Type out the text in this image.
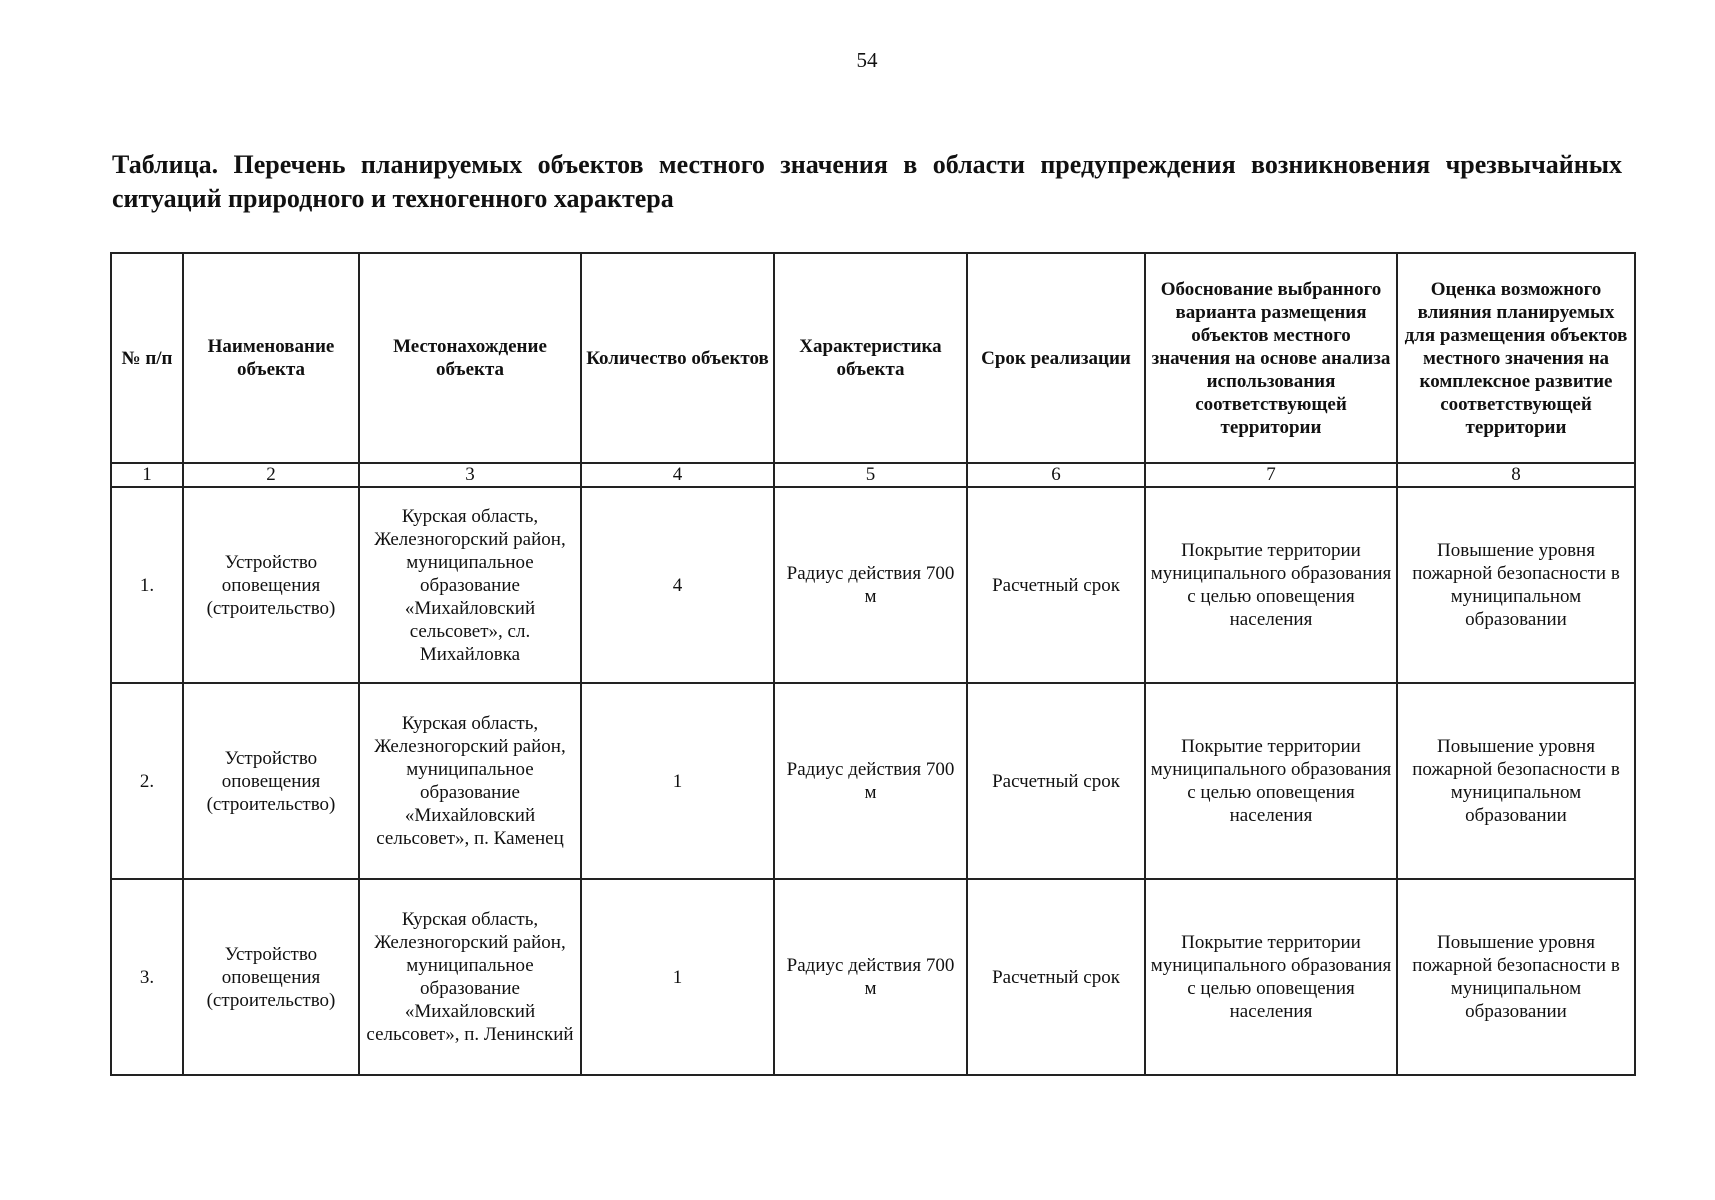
54
Таблица. Перечень планируемых объектов местного значения в области предупреждения возникновения чрезвычайных ситуаций природного и техногенного характера
№ п/п	Наименование объекта	Местонахождение объекта	Количество объектов	Характеристика объекта	Срок реализации	Обоснование выбранного варианта размещения объектов местного значения на основе анализа использования соответствующей территории	Оценка возможного влияния планируемых для размещения объектов местного значения на комплексное развитие соответствующей территории
1	2	3	4	5	6	7	8
1.	Устройство оповещения (строительство)	Курская область, Железногорский район, муниципальное образование «Михайловский сельсовет», сл. Михайловка	4	Радиус действия 700 м	Расчетный срок	Покрытие территории муниципального образования с целью оповещения населения	Повышение уровня пожарной безопасности в муниципальном образовании
2.	Устройство оповещения (строительство)	Курская область, Железногорский район, муниципальное образование «Михайловский сельсовет», п. Каменец	1	Радиус действия 700 м	Расчетный срок	Покрытие территории муниципального образования с целью оповещения населения	Повышение уровня пожарной безопасности в муниципальном образовании
3.	Устройство оповещения (строительство)	Курская область, Железногорский район, муниципальное образование «Михайловский сельсовет», п. Ленинский	1	Радиус действия 700 м	Расчетный срок	Покрытие территории муниципального образования с целью оповещения населения	Повышение уровня пожарной безопасности в муниципальном образовании
